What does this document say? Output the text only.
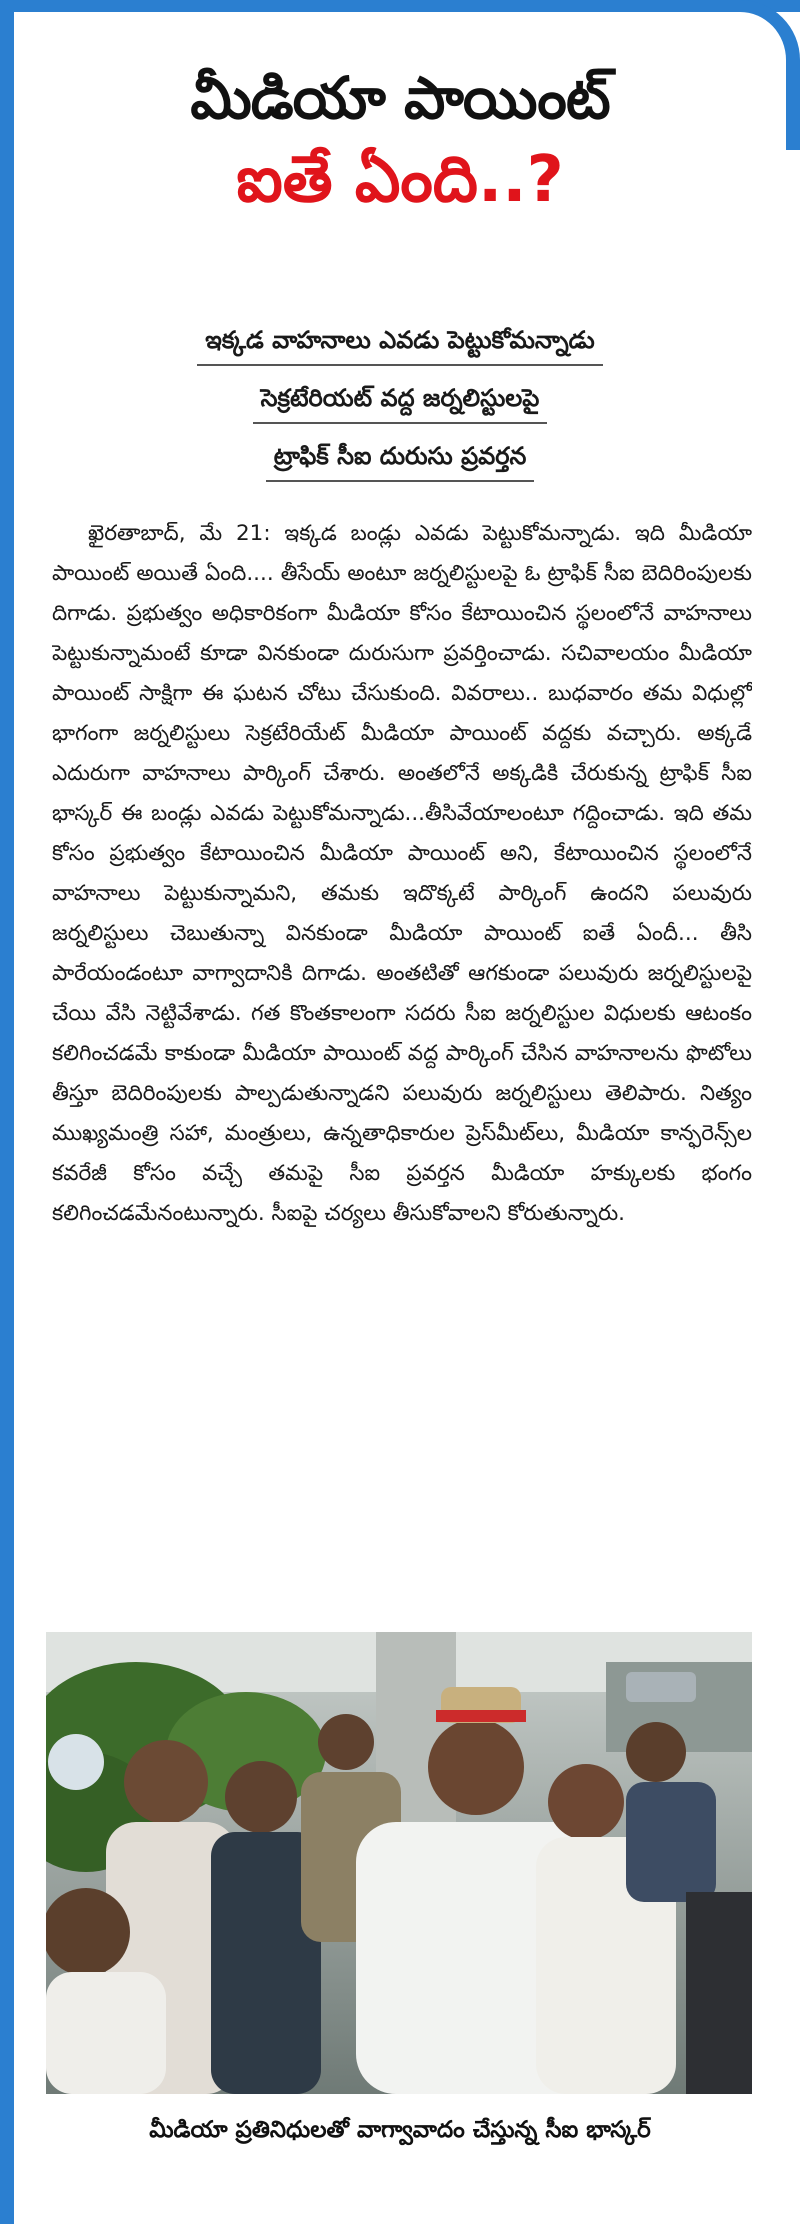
మీడియా పాయింట్
ఐతే ఏంది..?
ఇక్కడ వాహనాలు ఎవడు పెట్టుకోమన్నాడు
సెక్రటేరియట్ వద్ద జర్నలిస్టులపై
ట్రాఫిక్ సీఐ దురుసు ప్రవర్తన
ఖైరతాబాద్, మే 21: ఇక్కడ బండ్లు ఎవడు పెట్టుకోమన్నాడు. ఇది మీడియా పాయింట్ అయితే ఏంది.... తీసేయ్ అంటూ జర్నలిస్టులపై ఓ ట్రాఫిక్ సీఐ బెదిరింపులకు దిగాడు. ప్రభుత్వం అధికారికంగా మీడియా కోసం కేటాయించిన స్థలంలోనే వాహనాలు పెట్టుకున్నామంటే కూడా వినకుండా దురుసుగా ప్రవర్తించాడు. సచివాలయం మీడియా పాయింట్ సాక్షిగా ఈ ఘటన చోటు చేసుకుంది. వివరాలు.. బుధవారం తమ విధుల్లో భాగంగా జర్నలిస్టులు సెక్రటేరియేట్ మీడియా పాయింట్ వద్దకు వచ్చారు. అక్కడే ఎదురుగా వాహనాలు పార్కింగ్ చేశారు. అంతలోనే అక్కడికి చేరుకున్న ట్రాఫిక్ సీఐ భాస్కర్ ఈ బండ్లు ఎవడు పెట్టుకోమన్నాడు...తీసివేయాలంటూ గద్దించాడు. ఇది తమ కోసం ప్రభుత్వం కేటాయించిన మీడియా పాయింట్ అని, కేటాయించిన స్థలంలోనే వాహనాలు పెట్టుకున్నామని, తమకు ఇదొక్కటే పార్కింగ్ ఉందని పలువురు జర్నలిస్టులు చెబుతున్నా వినకుండా మీడియా పాయింట్ ఐతే ఏందీ... తీసి పారేయండంటూ వాగ్వాదానికి దిగాడు. అంతటితో ఆగకుండా పలువురు జర్నలిస్టులపై చేయి వేసి నెట్టివేశాడు. గత కొంతకాలంగా సదరు సీఐ జర్నలిస్టుల విధులకు ఆటంకం కలిగించడమే కాకుండా మీడియా పాయింట్ వద్ద పార్కింగ్ చేసిన వాహనాలను ఫొటోలు తీస్తూ బెదిరింపులకు పాల్పడుతున్నాడని పలువురు జర్నలిస్టులు తెలిపారు. నిత్యం ముఖ్యమంత్రి సహా, మంత్రులు, ఉన్నతాధికారుల ప్రెస్‌మీట్‌లు, మీడియా కాన్ఫరెన్స్‌ల కవరేజీ కోసం వచ్చే తమపై సీఐ ప్రవర్తన మీడియా హక్కులకు భంగం కలిగించడమేనంటున్నారు. సీఐపై చర్యలు తీసుకోవాలని కోరుతున్నారు.
మీడియా ప్రతినిధులతో వాగ్వావాదం చేస్తున్న సీఐ భాస్కర్
